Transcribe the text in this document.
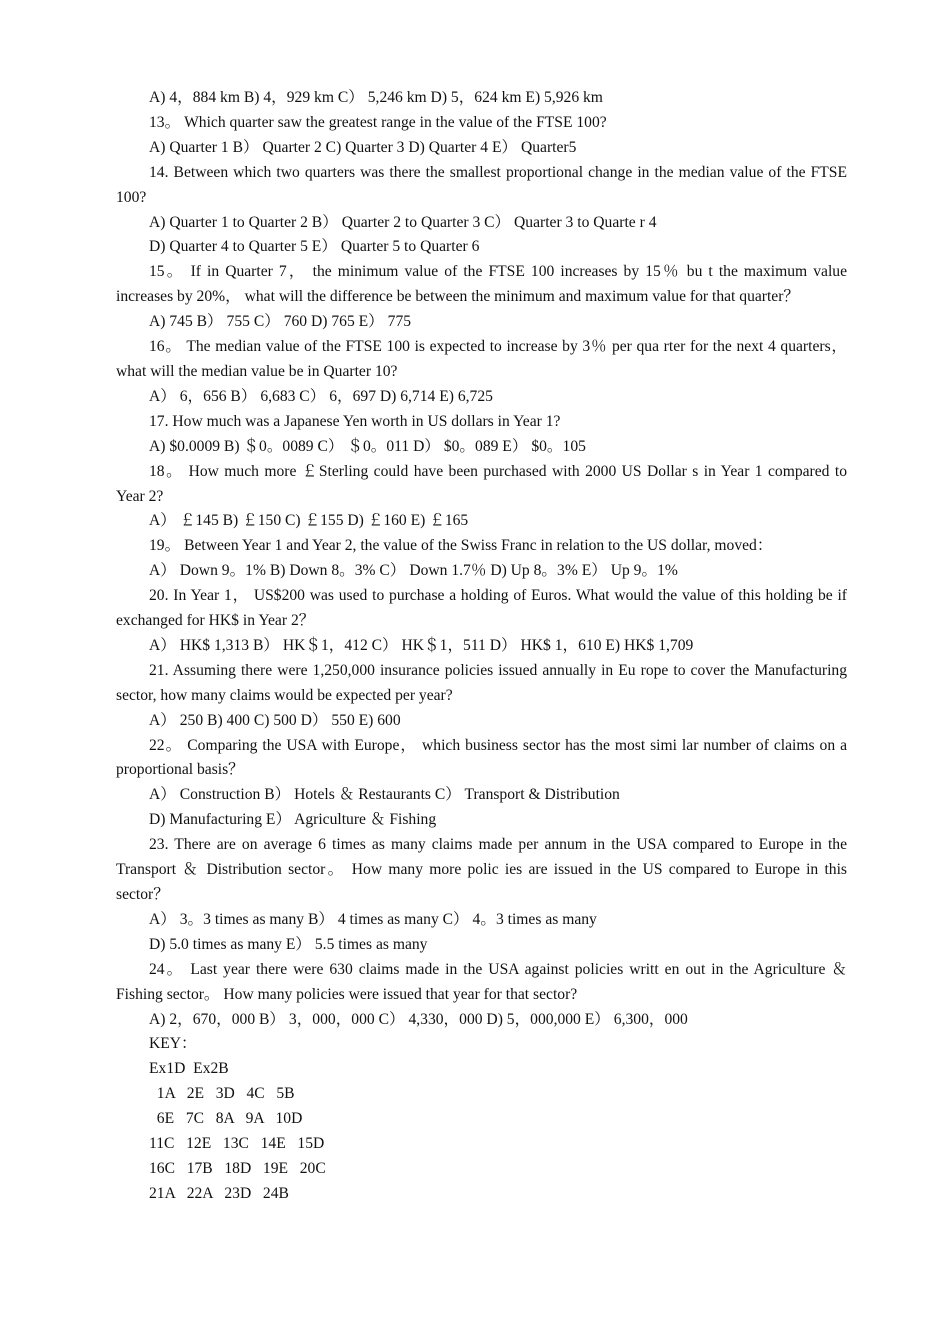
A) 4，884 km B) 4，929 km C） 5,246 km D) 5，624 km E) 5,926 km

13。 Which quarter saw the greatest range in the value of the FTSE 100?

A) Quarter 1 B） Quarter 2 C) Quarter 3 D) Quarter 4 E） Quarter5

14. Between which two quarters was there the smallest proportional change in the median value of the FTSE 100?

A) Quarter 1 to Quarter 2 B） Quarter 2 to Quarter 3 C） Quarter 3 to Quarte r 4

D) Quarter 4 to Quarter 5 E） Quarter 5 to Quarter 6

15。 If in Quarter 7， the minimum value of the FTSE 100 increases by 15％ bu t the maximum value increases by 20%， what will the difference be between the minimum and maximum value for that quarter？

A) 745 B） 755 C） 760 D) 765 E） 775

16。 The median value of the FTSE 100 is expected to increase by 3％ per qua rter for the next 4 quarters， what will the median value be in Quarter 10?

A） 6，656 B） 6,683 C） 6，697 D) 6,714 E) 6,725

17. How much was a Japanese Yen worth in US dollars in Year 1?

A) $0.0009 B) ＄0。0089 C） ＄0。011 D） $0。089 E） $0。105

18。 How much more ￡Sterling could have been purchased with 2000 US Dollar s in Year 1 compared to Year 2?

A） ￡145 B) ￡150 C) ￡155 D) ￡160 E) ￡165

19。 Between Year 1 and Year 2, the value of the Swiss Franc in relation to the US dollar, moved：

A） Down 9。1% B) Down 8。3% C） Down 1.7％ D) Up 8。3% E） Up 9。1%

20. In Year 1， US$200 was used to purchase a holding of Euros. What would the value of this holding be if exchanged for HK$ in Year 2？

A） HK$ 1,313 B） HK＄1，412 C） HK＄1，511 D） HK$ 1，610 E) HK$ 1,709

21. Assuming there were 1,250,000 insurance policies issued annually in Eu rope to cover the Manufacturing sector, how many claims would be expected per year?

A） 250 B) 400 C) 500 D） 550 E) 600

22。 Comparing the USA with Europe， which business sector has the most simi lar number of claims on a proportional basis？

A） Construction B） Hotels ＆ Restaurants C） Transport & Distribution

D) Manufacturing E） Agriculture ＆ Fishing

23. There are on average 6 times as many claims made per annum in the USA compared to Europe in the Transport ＆ Distribution sector。 How many more polic ies are issued in the US compared to Europe in this sector？

A） 3。3 times as many B） 4 times as many C） 4。3 times as many

D) 5.0 times as many E） 5.5 times as many

24。 Last year there were 630 claims made in the USA against policies writt en out in the Agriculture ＆ Fishing sector。 How many policies were issued that year for that sector?

A) 2，670，000 B） 3，000，000 C） 4,330，000 D) 5，000,000 E） 6,300，000

KEY：

Ex1D  Ex2B
1A   2E   3D   4C   5B
6E   7C   8A   9A   10D
11C   12E   13C   14E   15D
16C   17B   18D   19E   20C
21A   22A   23D   24B
